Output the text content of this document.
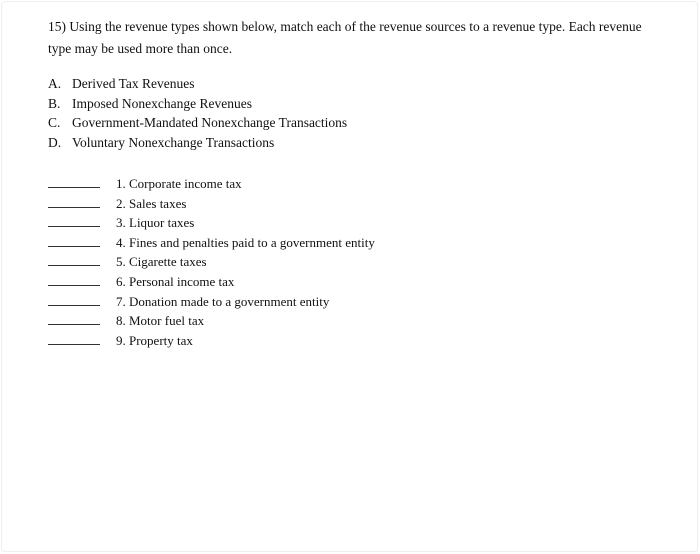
15) Using the revenue types shown below, match each of the revenue sources to a revenue type. Each revenue type may be used more than once.

A. Derived Tax Revenues
B. Imposed Nonexchange Revenues
C. Government-Mandated Nonexchange Transactions
D. Voluntary Nonexchange Transactions
1. Corporate income tax
2. Sales taxes
3. Liquor taxes
4. Fines and penalties paid to a government entity
5. Cigarette taxes
6. Personal income tax
7. Donation made to a government entity
8. Motor fuel tax
9. Property tax
